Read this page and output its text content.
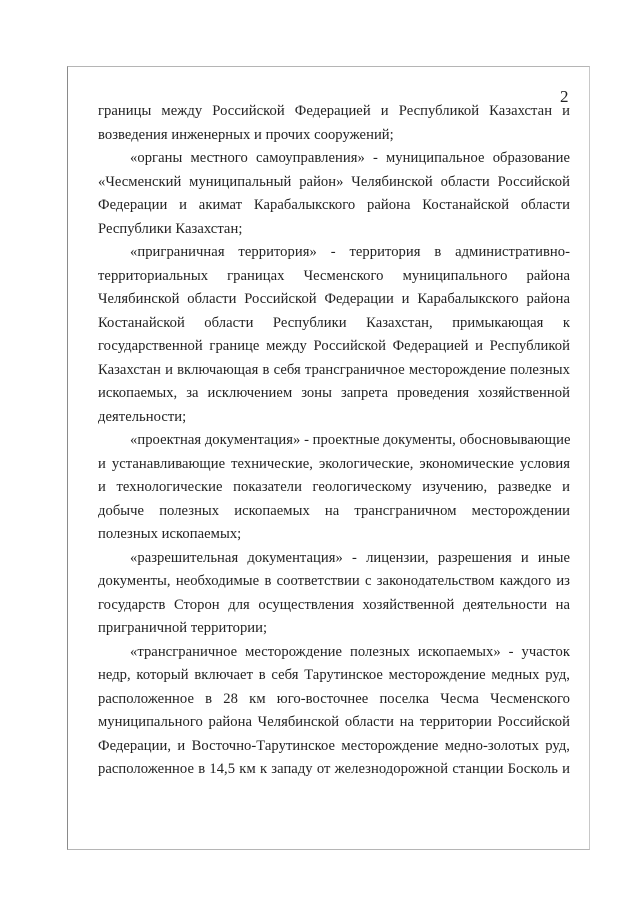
2
границы между Российской Федерацией и Республикой Казахстан и
возведения инженерных и прочих сооружений;
«органы местного самоуправления» - муниципальное образование
«Чесменский муниципальный район» Челябинской области Российской
Федерации и акимат Карабалыкского района Костанайской области
Республики Казахстан;
«приграничная территория» - территория в административно-
территориальных границах Чесменского муниципального района
Челябинской области Российской Федерации и Карабалыкского района
Костанайской области Республики Казахстан, примыкающая к
государственной границе между Российской Федерацией и Республикой
Казахстан и включающая в себя трансграничное месторождение полезных
ископаемых, за исключением зоны запрета проведения хозяйственной
деятельности;
«проектная документация» - проектные документы, обосновывающие
и устанавливающие технические, экологические, экономические условия
и технологические показатели геологическому изучению, разведке и
добыче полезных ископаемых на трансграничном месторождении
полезных ископаемых;
«разрешительная документация» - лицензии, разрешения и иные
документы, необходимые в соответствии с законодательством каждого из
государств Сторон для осуществления хозяйственной деятельности на
приграничной территории;
«трансграничное месторождение полезных ископаемых» - участок
недр, который включает в себя Тарутинское месторождение медных руд,
расположенное в 28 км юго-восточнее поселка Чесма Чесменского
муниципального района Челябинской области на территории Российской
Федерации, и Восточно-Тарутинское месторождение медно-золотых руд,
расположенное в 14,5 км к западу от железнодорожной станции Босколь и
